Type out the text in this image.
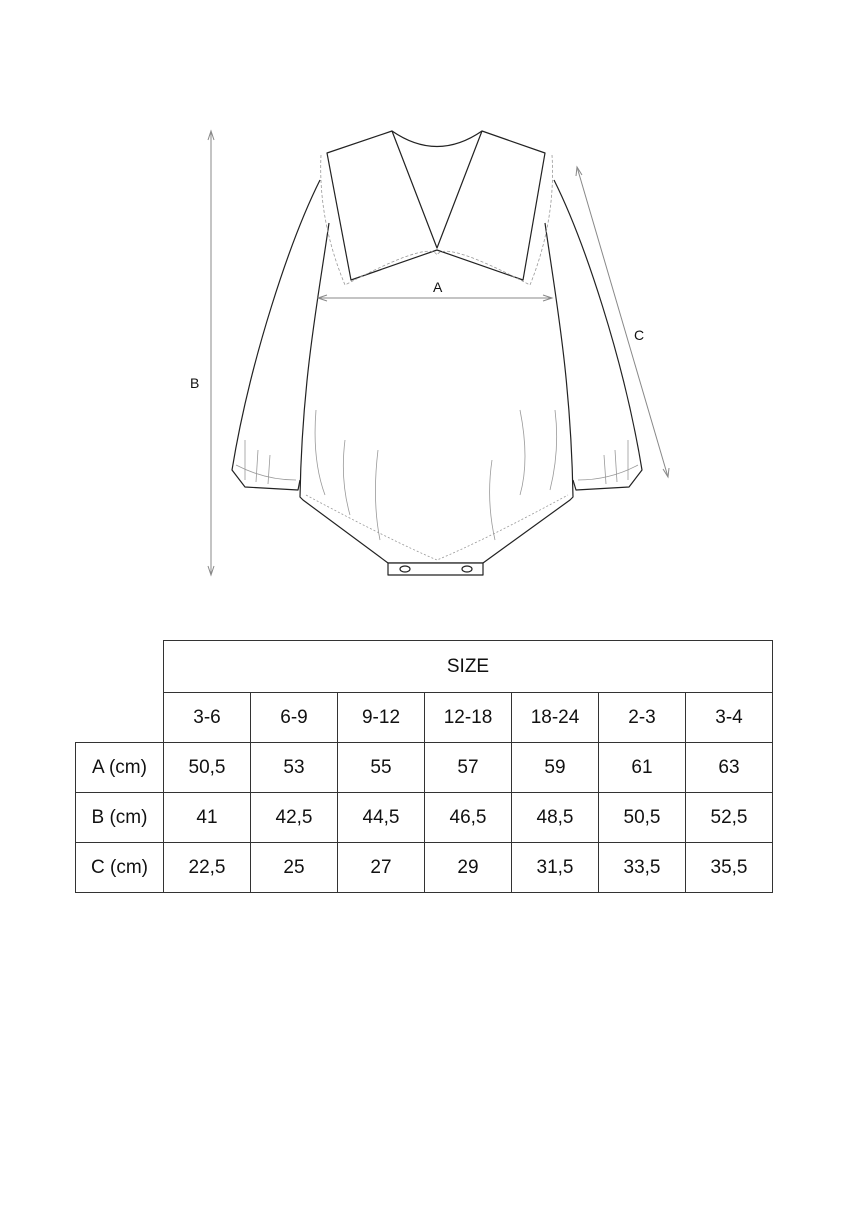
B
A
C
	SIZE						
	3-6	6-9	9-12	12-18	18-24	2-3	3-4
A (cm)	50,5	53	55	57	59	61	63
B (cm)	41	42,5	44,5	46,5	48,5	50,5	52,5
C (cm)	22,5	25	27	29	31,5	33,5	35,5
